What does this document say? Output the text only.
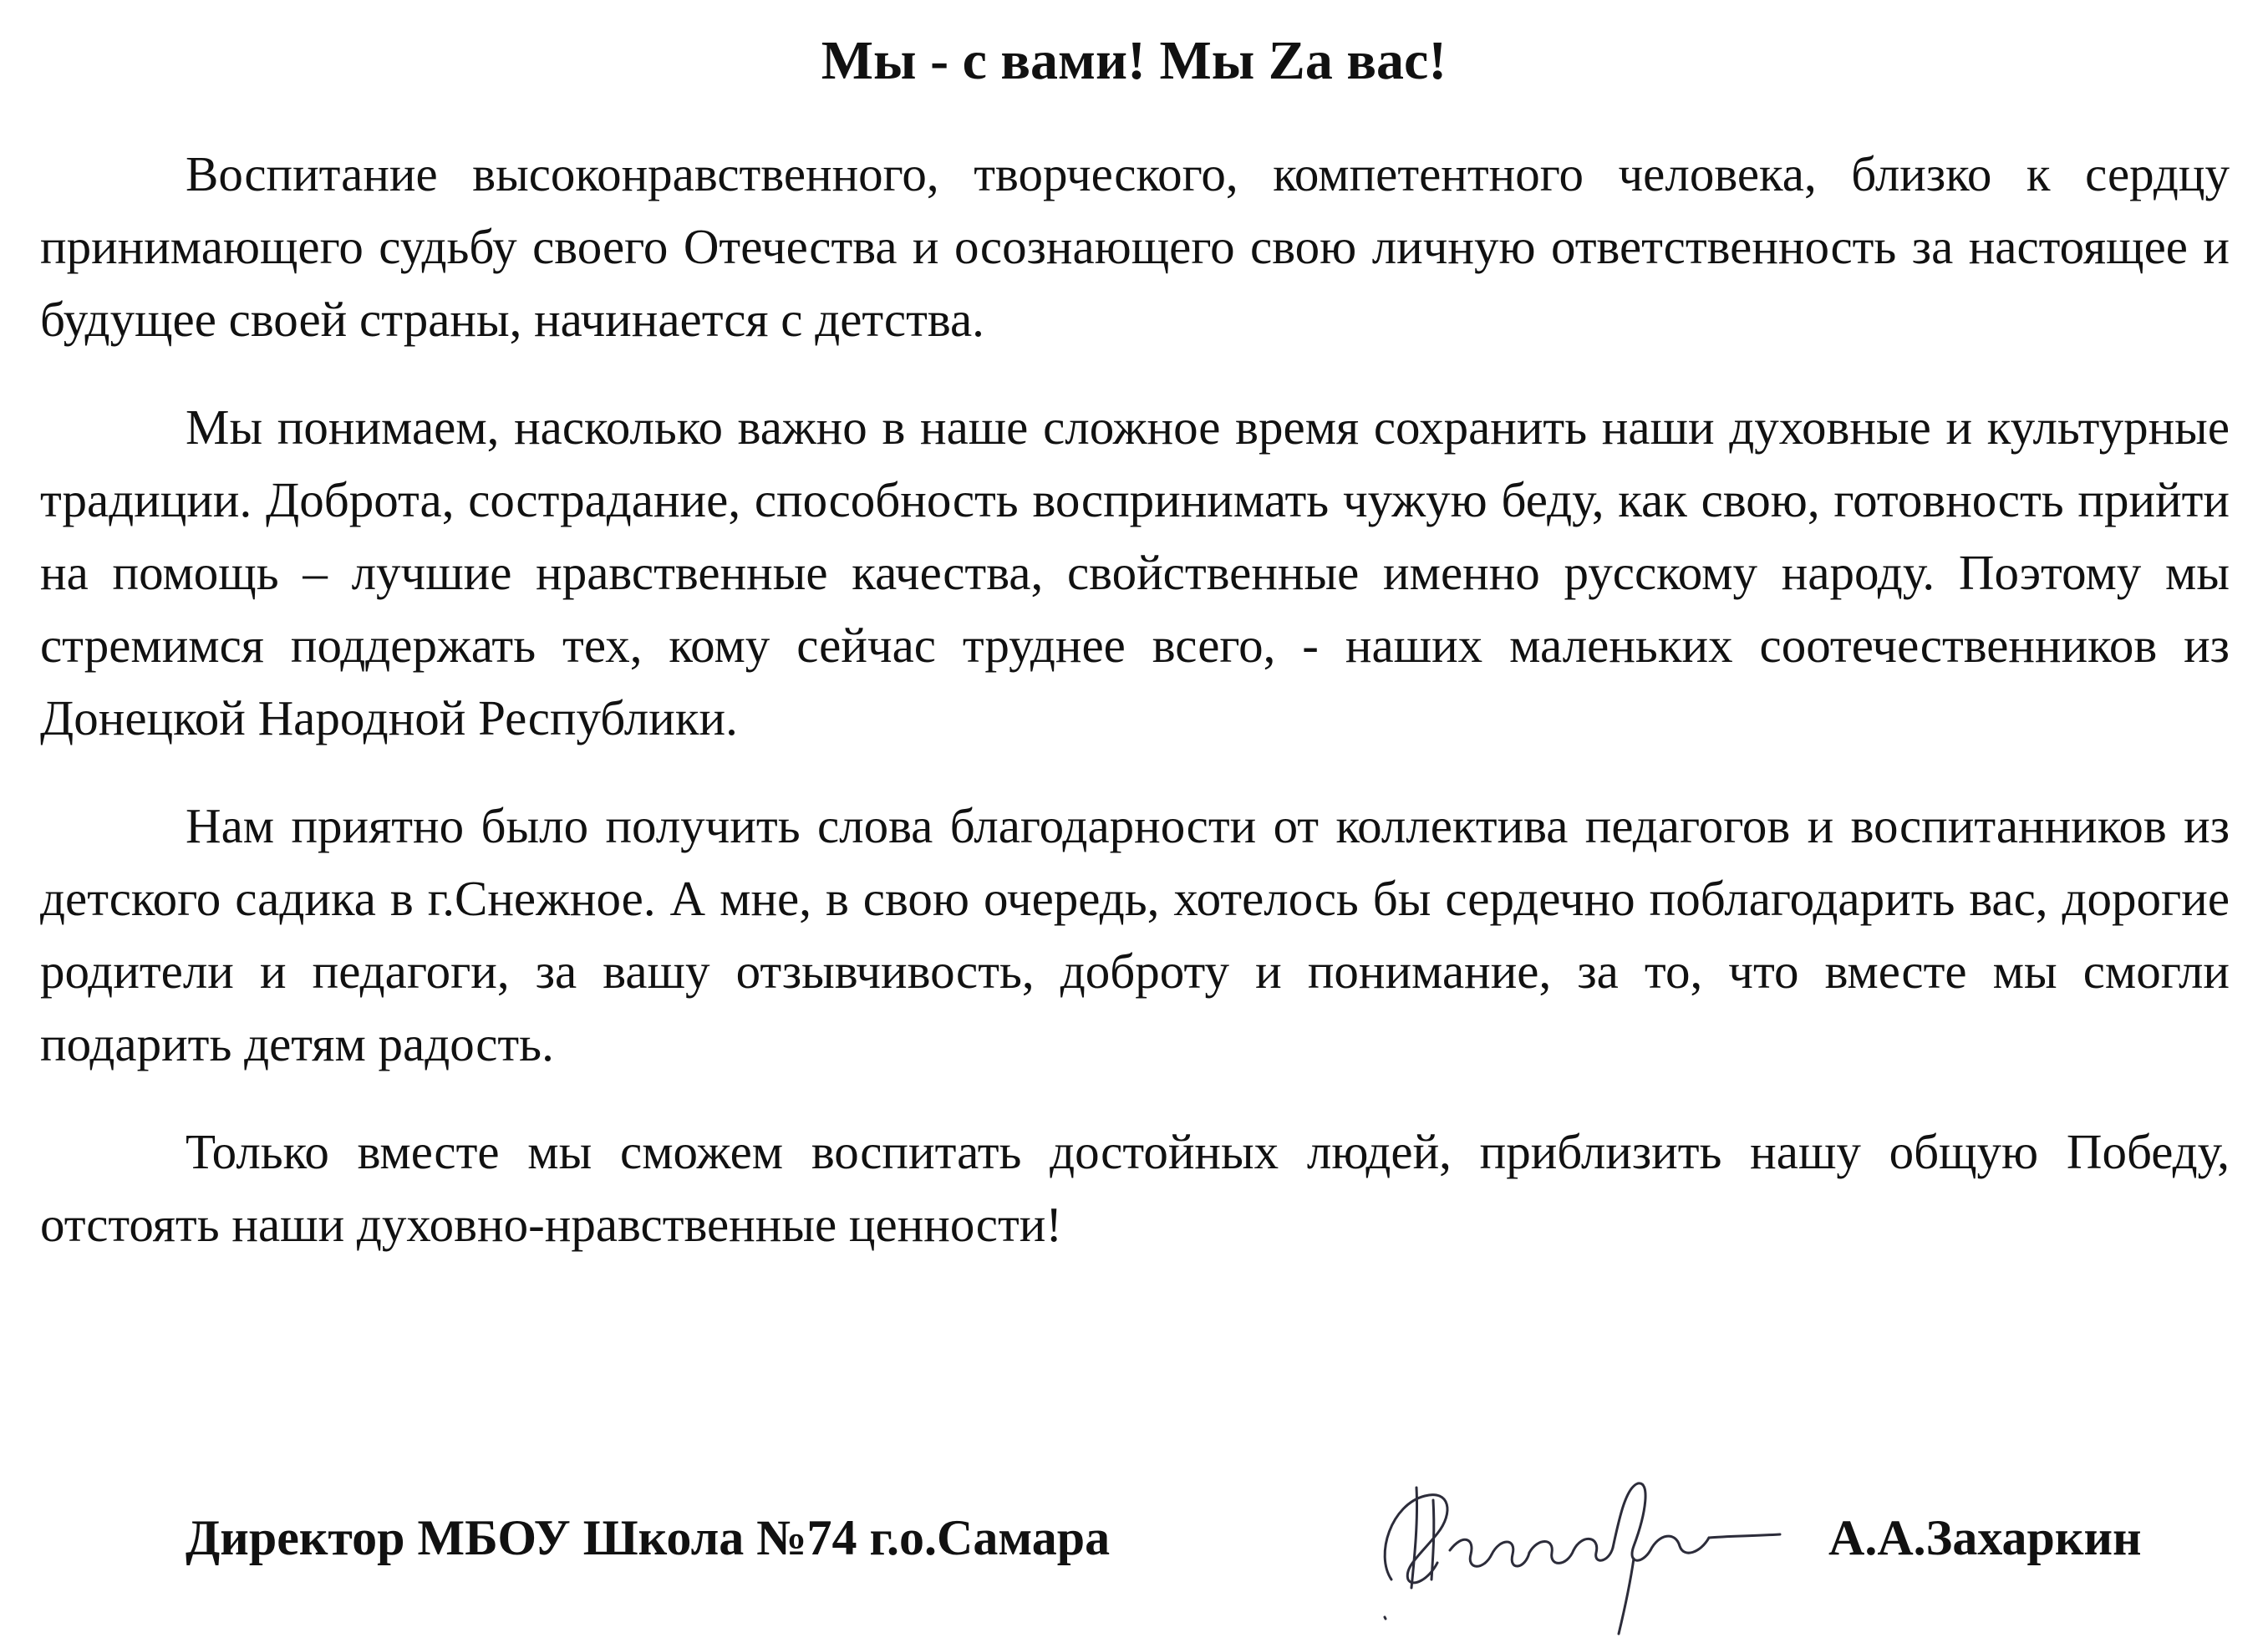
Мы - с вами! Мы Zа вас!

Воспитание высоконравственного, творческого, компетентного человека, близко к сердцу принимающего судьбу своего Отечества и осознающего свою личную ответственность за настоящее и будущее своей страны, начинается с детства.

Мы понимаем, насколько важно в наше сложное время сохранить наши духовные и культурные традиции. Доброта, сострадание, способность воспринимать чужую беду, как свою, готовность прийти на помощь – лучшие нравственные качества, свойственные именно русскому народу. Поэтому мы стремимся поддержать тех, кому сейчас труднее всего, - наших маленьких соотечественников из Донецкой Народной Республики.

Нам приятно было получить слова благодарности от коллектива педагогов и воспитанников из детского садика в г.Снежное. А мне, в свою очередь, хотелось бы сердечно поблагодарить вас, дорогие родители и педагоги, за вашу отзывчивость, доброту и понимание, за то, что вместе мы смогли подарить детям радость.

Только вместе мы сможем воспитать достойных людей, приблизить нашу общую Победу, отстоять наши духовно-нравственные ценности!

Директор МБОУ Школа №74 г.о.Самара	А.А.Захаркин
